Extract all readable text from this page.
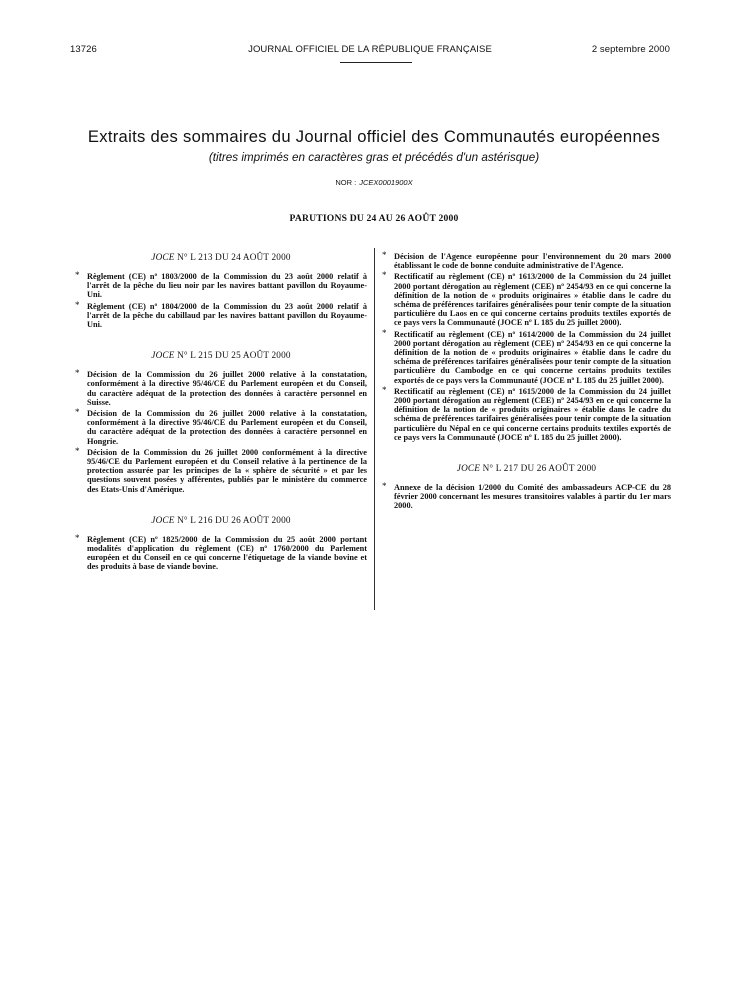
13726	JOURNAL OFFICIEL DE LA RÉPUBLIQUE FRANÇAISE	2 septembre 2000
Extraits des sommaires du Journal officiel des Communautés européennes
(titres imprimés en caractères gras et précédés d'un astérisque)
NOR : JCEX0001900X
PARUTIONS DU 24 AU 26 AOÛT 2000
JOCE N° L 213 DU 24 AOÛT 2000

* Règlement (CE) nº 1803/2000 de la Commission du 23 août 2000 relatif à l'arrêt de la pêche du lieu noir par les navires battant pavillon du Royaume-Uni.

* Règlement (CE) nº 1804/2000 de la Commission du 23 août 2000 relatif à l'arrêt de la pêche du cabillaud par les navires battant pavillon du Royaume-Uni.

JOCE N° L 215 DU 25 AOÛT 2000

* Décision de la Commission du 26 juillet 2000 relative à la constatation, conformément à la directive 95/46/CE du Parlement européen et du Conseil, du caractère adéquat de la protection des données à caractère personnel en Suisse.

* Décision de la Commission du 26 juillet 2000 relative à la constatation, conformément à la directive 95/46/CE du Parlement européen et du Conseil, du caractère adéquat de la protection des données à caractère personnel en Hongrie.

* Décision de la Commission du 26 juillet 2000 conformément à la directive 95/46/CE du Parlement européen et du Conseil relative à la pertinence de la protection assurée par les principes de la « sphère de sécurité » et par les questions souvent posées y afférentes, publiés par le ministère du commerce des Etats-Unis d'Amérique.

JOCE N° L 216 DU 26 AOÛT 2000

* Règlement (CE) nº 1825/2000 de la Commission du 25 août 2000 portant modalités d'application du règlement (CE) nº 1760/2000 du Parlement européen et du Conseil en ce qui concerne l'étiquetage de la viande bovine et des produits à base de viande bovine.

* Décision de l'Agence européenne pour l'environnement du 20 mars 2000 établissant le code de bonne conduite administrative de l'Agence.

* Rectificatif au règlement (CE) nº 1613/2000 de la Commission du 24 juillet 2000 portant dérogation au règlement (CEE) nº 2454/93 en ce qui concerne la définition de la notion de « produits originaires » établie dans le cadre du schéma de préférences tarifaires généralisées pour tenir compte de la situation particulière du Laos en ce qui concerne certains produits textiles exportés de ce pays vers la Communauté (JOCE nº L 185 du 25 juillet 2000).

* Rectificatif au règlement (CE) nº 1614/2000 de la Commission du 24 juillet 2000 portant dérogation au règlement (CEE) nº 2454/93 en ce qui concerne la définition de la notion de « produits originaires » établie dans le cadre du schéma de préférences tarifaires généralisées pour tenir compte de la situation particulière du Cambodge en ce qui concerne certains produits textiles exportés de ce pays vers la Communauté (JOCE nº L 185 du 25 juillet 2000).

* Rectificatif au règlement (CE) nº 1615/2000 de la Commission du 24 juillet 2000 portant dérogation au règlement (CEE) nº 2454/93 en ce qui concerne la définition de la notion de « produits originaires » établie dans le cadre du schéma de préférences tarifaires généralisées pour tenir compte de la situation particulière du Népal en ce qui concerne certains produits textiles exportés de ce pays vers la Communauté (JOCE nº L 185 du 25 juillet 2000).

JOCE N° L 217 DU 26 AOÛT 2000

* Annexe de la décision 1/2000 du Comité des ambassadeurs ACP-CE du 28 février 2000 concernant les mesures transitoires valables à partir du 1er mars 2000.
